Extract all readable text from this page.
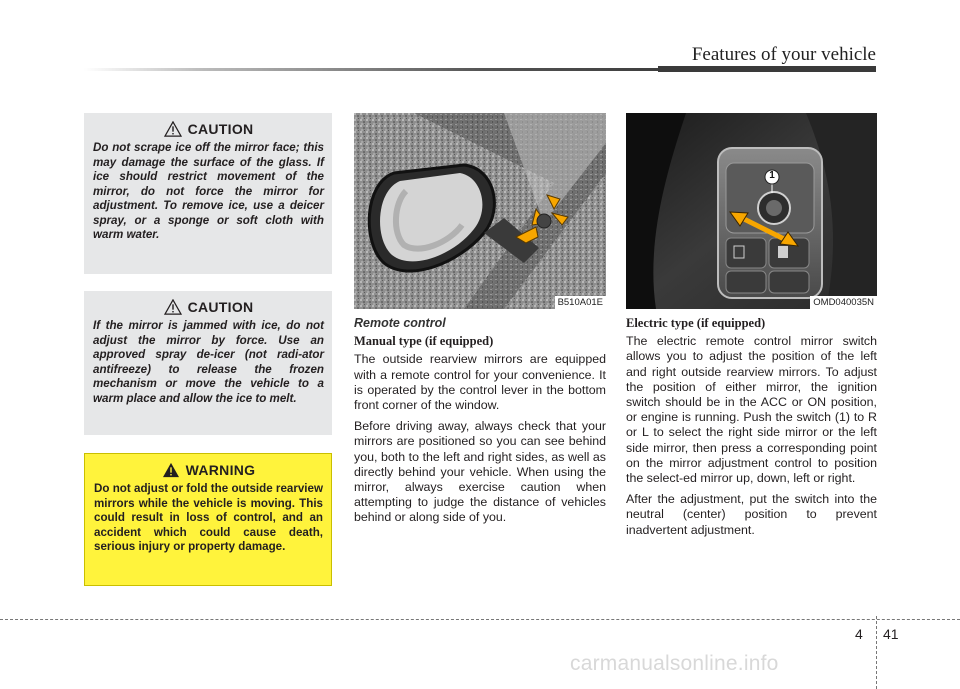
Features of your vehicle
CAUTION
Do not scrape ice off the mirror face; this may damage the surface of the glass. If ice should restrict movement of the mirror, do not force the mirror for adjustment. To remove ice, use a deicer spray, or a sponge or soft cloth with warm water.
CAUTION
If the mirror is jammed with ice, do not adjust the mirror by force. Use an approved spray de-icer (not radi-ator antifreeze) to release the frozen mechanism or move the vehicle to a warm place and allow the ice to melt.
WARNING
Do not adjust or fold the outside rearview mirrors while the vehicle is moving. This could result in loss of control, and an accident which could cause death, serious injury or property damage.
B510A01E
1
OMD040035N
Remote control
Manual type (if equipped)

The outside rearview mirrors are equipped with a remote control for your convenience. It is operated by the control lever in the bottom front corner of the window.

Before driving away, always check that your mirrors are positioned so you can see behind you, both to the left and right sides, as well as directly behind your vehicle. When using the mirror, always exercise caution when attempting to judge the distance of vehicles behind or along side of you.

Electric type (if equipped)

The electric remote control mirror switch allows you to adjust the position of the left and right outside rearview mirrors. To adjust the position of either mirror, the ignition switch should be in the ACC or ON position, or engine is running. Push the switch (1) to R or L to select the right side mirror or the left side mirror, then press a corresponding point on the mirror adjustment control to position the select-ed mirror up, down, left or right.

After the adjustment, put the switch into the neutral (center) position to prevent inadvertent adjustment.

4 41
carmanualsonline.info
